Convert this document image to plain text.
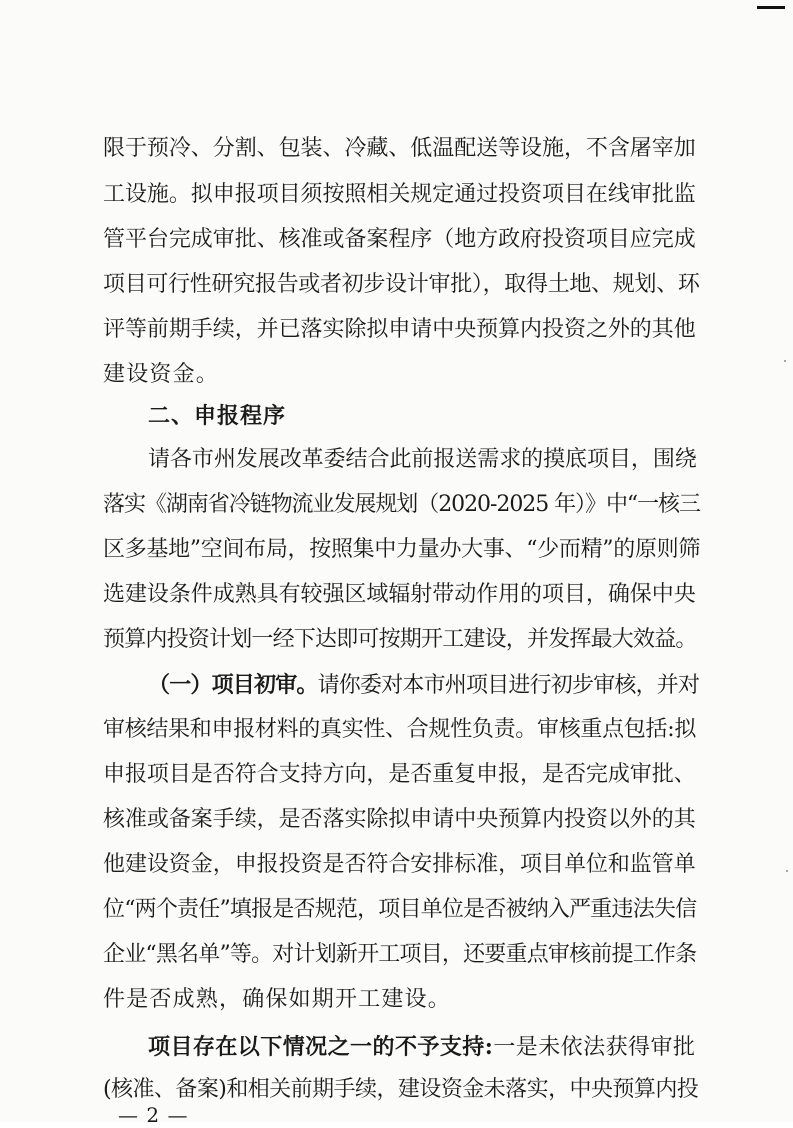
限于预冷、分割、包装、冷藏、低温配送等设施，不含屠宰加
工设施。拟申报项目须按照相关规定通过投资项目在线审批监
管平台完成审批、核准或备案程序（地方政府投资项目应完成
项目可行性研究报告或者初步设计审批），取得土地、规划、环
评等前期手续，并已落实除拟申请中央预算内投资之外的其他
建设资金。
二、申报程序
请各市州发展改革委结合此前报送需求的摸底项目，围绕
落实《湖南省冷链物流业发展规划（2020-2025 年）》中“一核三
区多基地”空间布局，按照集中力量办大事、“少而精”的原则筛
选建设条件成熟具有较强区域辐射带动作用的项目，确保中央
预算内投资计划一经下达即可按期开工建设，并发挥最大效益。
（一）项目初审。请你委对本市州项目进行初步审核，并对
审核结果和申报材料的真实性、合规性负责。审核重点包括:拟
申报项目是否符合支持方向，是否重复申报，是否完成审批、
核准或备案手续，是否落实除拟申请中央预算内投资以外的其
他建设资金，申报投资是否符合安排标准，项目单位和监管单
位“两个责任”填报是否规范，项目单位是否被纳入严重违法失信
企业“黑名单”等。对计划新开工项目，还要重点审核前提工作条
件是否成熟，确保如期开工建设。
项目存在以下情况之一的不予支持:一是未依法获得审批
(核准、备案)和相关前期手续，建设资金未落实，中央预算内投
— 2 —
